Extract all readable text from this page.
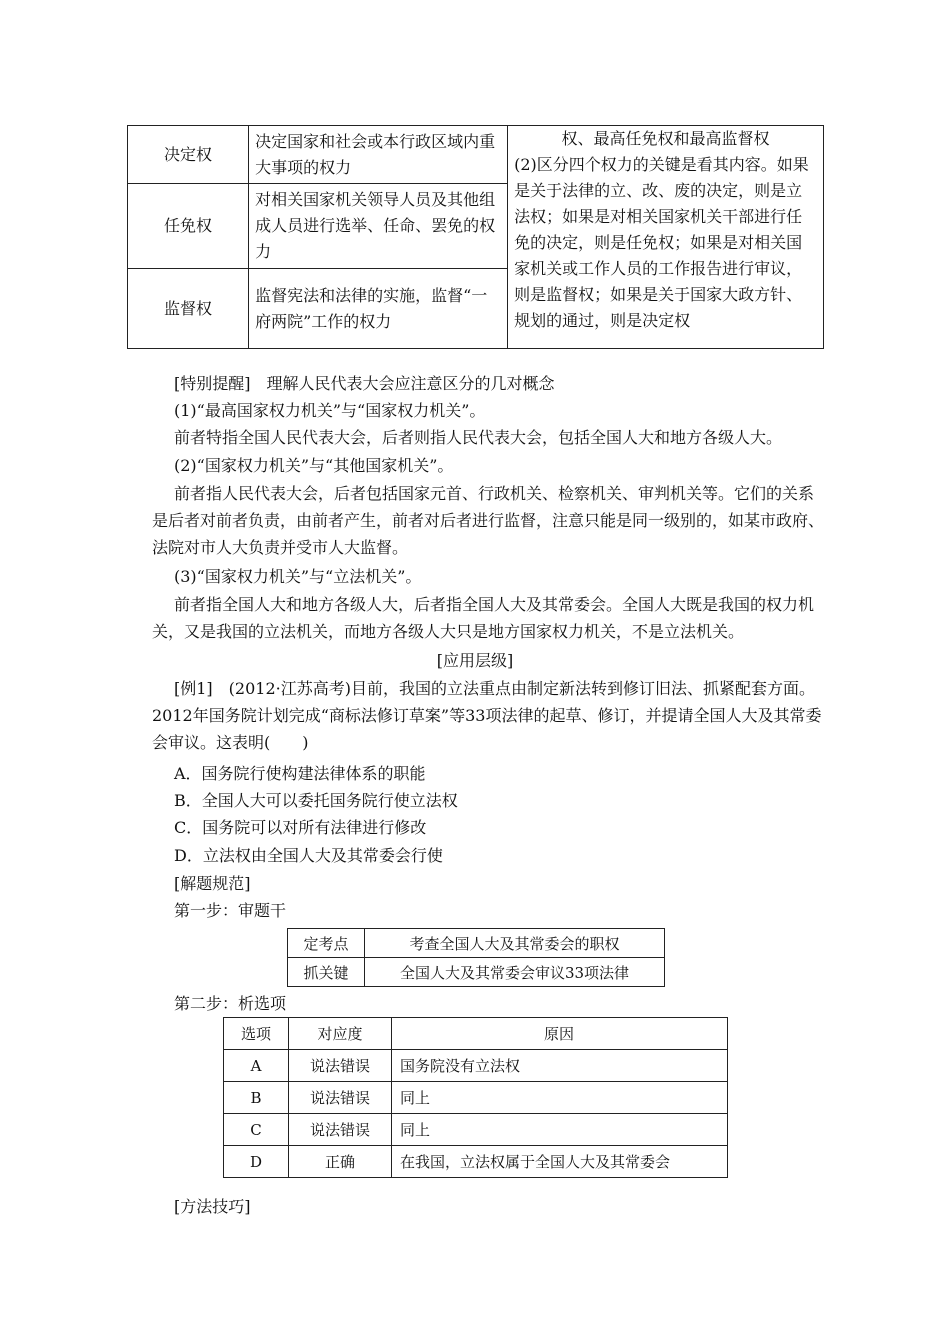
决定权	决定国家和社会或本行政区域内重大事项的权力	权、最高任免权和最高监督权
(2)区分四个权力的关键是看其内容。如果是关于法律的立、改、废的决定，则是立法权；如果是对相关国家机关干部进行任免的决定，则是任免权；如果是对相关国家机关或工作人员的工作报告进行审议，则是监督权；如果是关于国家大政方针、规划的通过，则是决定权

任免权	对相关国家机关领导人员及其他组成人员进行选举、任命、罢免的权力	
监督权	监督宪法和法律的实施，监督“一府两院”工作的权力	
[特别提醒]　理解人民代表大会应注意区分的几对概念
(1)“最高国家权力机关”与“国家权力机关”。
前者特指全国人民代表大会，后者则指人民代表大会，包括全国人大和地方各级人大。
(2)“国家权力机关”与“其他国家机关”。
前者指人民代表大会，后者包括国家元首、行政机关、检察机关、审判机关等。它们的关系是后者对前者负责，由前者产生，前者对后者进行监督，注意只能是同一级别的，如某市政府、法院对市人大负责并受市人大监督。
(3)“国家权力机关”与“立法机关”。
前者指全国人大和地方各级人大，后者指全国人大及其常委会。全国人大既是我国的权力机关，又是我国的立法机关，而地方各级人大只是地方国家权力机关，不是立法机关。
[应用层级]
[例1]　(2012·江苏高考)目前，我国的立法重点由制定新法转到修订旧法、抓紧配套方面。2012年国务院计划完成“商标法修订草案”等33项法律的起草、修订，并提请全国人大及其常委会审议。这表明(　　)
A．国务院行使构建法律体系的职能
B．全国人大可以委托国务院行使立法权
C．国务院可以对所有法律进行修改
D．立法权由全国人大及其常委会行使
[解题规范]
第一步：审题干
定考点	考查全国人大及其常委会的职权
抓关键	全国人大及其常委会审议33项法律
第二步：析选项
选项	对应度	原因
A	说法错误	国务院没有立法权
B	说法错误	同上
C	说法错误	同上
D	正确	在我国，立法权属于全国人大及其常委会
[方法技巧]
